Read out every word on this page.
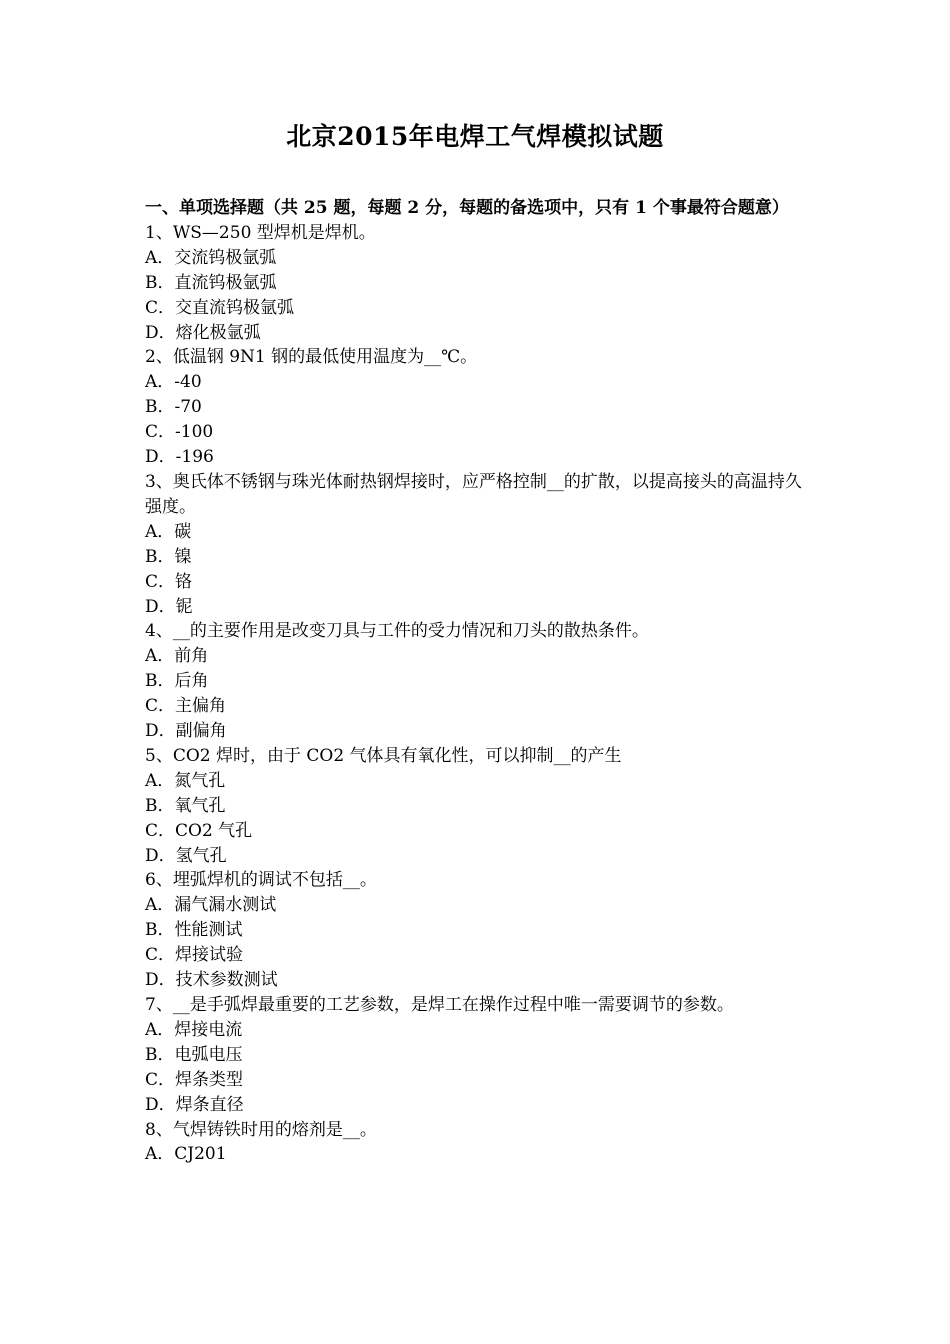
北京2015年电焊工气焊模拟试题

一、单项选择题（共 25 题，每题 2 分，每题的备选项中，只有 1 个事最符合题意）

1、WS—250 型焊机是焊机。

A．交流钨极氩弧

B．直流钨极氩弧

C．交直流钨极氩弧

D．熔化极氩弧

2、低温钢 9N1 钢的最低使用温度为__℃。

A．-40

B．-70

C．-100

D．-196

3、奥氏体不锈钢与珠光体耐热钢焊接时，应严格控制__的扩散，以提高接头的高温持久强度。

A．碳

B．镍

C．铬

D．铌

4、__的主要作用是改变刀具与工件的受力情况和刀头的散热条件。

A．前角

B．后角

C．主偏角

D．副偏角

5、CO2 焊时，由于 CO2 气体具有氧化性，可以抑制__的产生

A．氮气孔

B．氧气孔

C．CO2 气孔

D．氢气孔

6、埋弧焊机的调试不包括__。

A．漏气漏水测试

B．性能测试

C．焊接试验

D．技术参数测试

7、__是手弧焊最重要的工艺参数，是焊工在操作过程中唯一需要调节的参数。

A．焊接电流

B．电弧电压

C．焊条类型

D．焊条直径

8、气焊铸铁时用的熔剂是__。

A．CJ201
